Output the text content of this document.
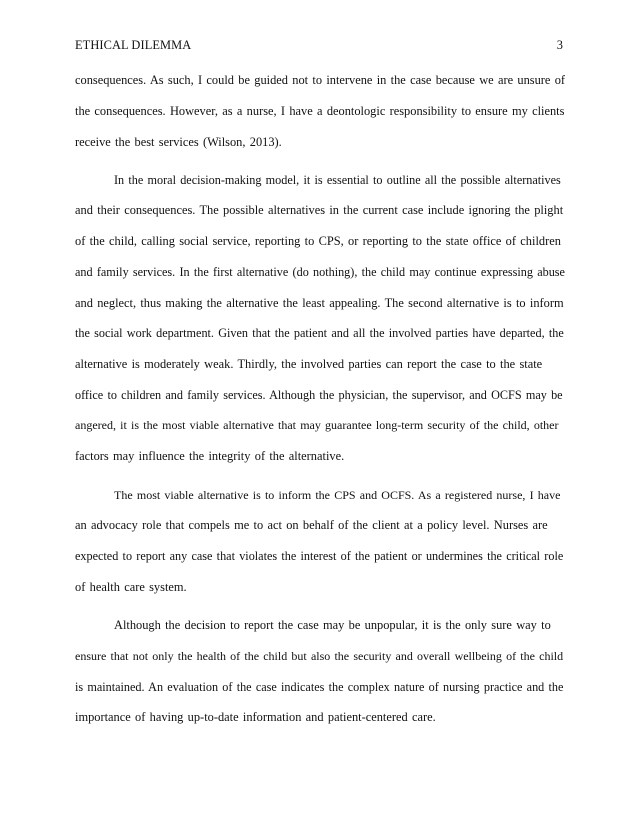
ETHICAL DILEMMA	3
consequences. As such, I could be guided not to intervene in the case because we are unsure of
the consequences. However, as a nurse, I have a deontologic responsibility to ensure my clients
receive the best services (Wilson, 2013).
In the moral decision-making model, it is essential to outline all the possible alternatives
and their consequences. The possible alternatives in the current case include ignoring the plight
of the child, calling social service, reporting to CPS, or reporting to the state office of children
and family services. In the first alternative (do nothing), the child may continue expressing abuse
and neglect, thus making the alternative the least appealing. The second alternative is to inform
the social work department. Given that the patient and all the involved parties have departed, the
alternative is moderately weak. Thirdly, the involved parties can report the case to the state
office to children and family services. Although the physician, the supervisor, and OCFS may be
angered, it is the most viable alternative that may guarantee long-term security of the child, other
factors may influence the integrity of the alternative.
The most viable alternative is to inform the CPS and OCFS. As a registered nurse, I have
an advocacy role that compels me to act on behalf of the client at a policy level. Nurses are
expected to report any case that violates the interest of the patient or undermines the critical role
of health care system.
Although the decision to report the case may be unpopular, it is the only sure way to
ensure that not only the health of the child but also the security and overall wellbeing of the child
is maintained. An evaluation of the case indicates the complex nature of nursing practice and the
importance of having up-to-date information and patient-centered care.
